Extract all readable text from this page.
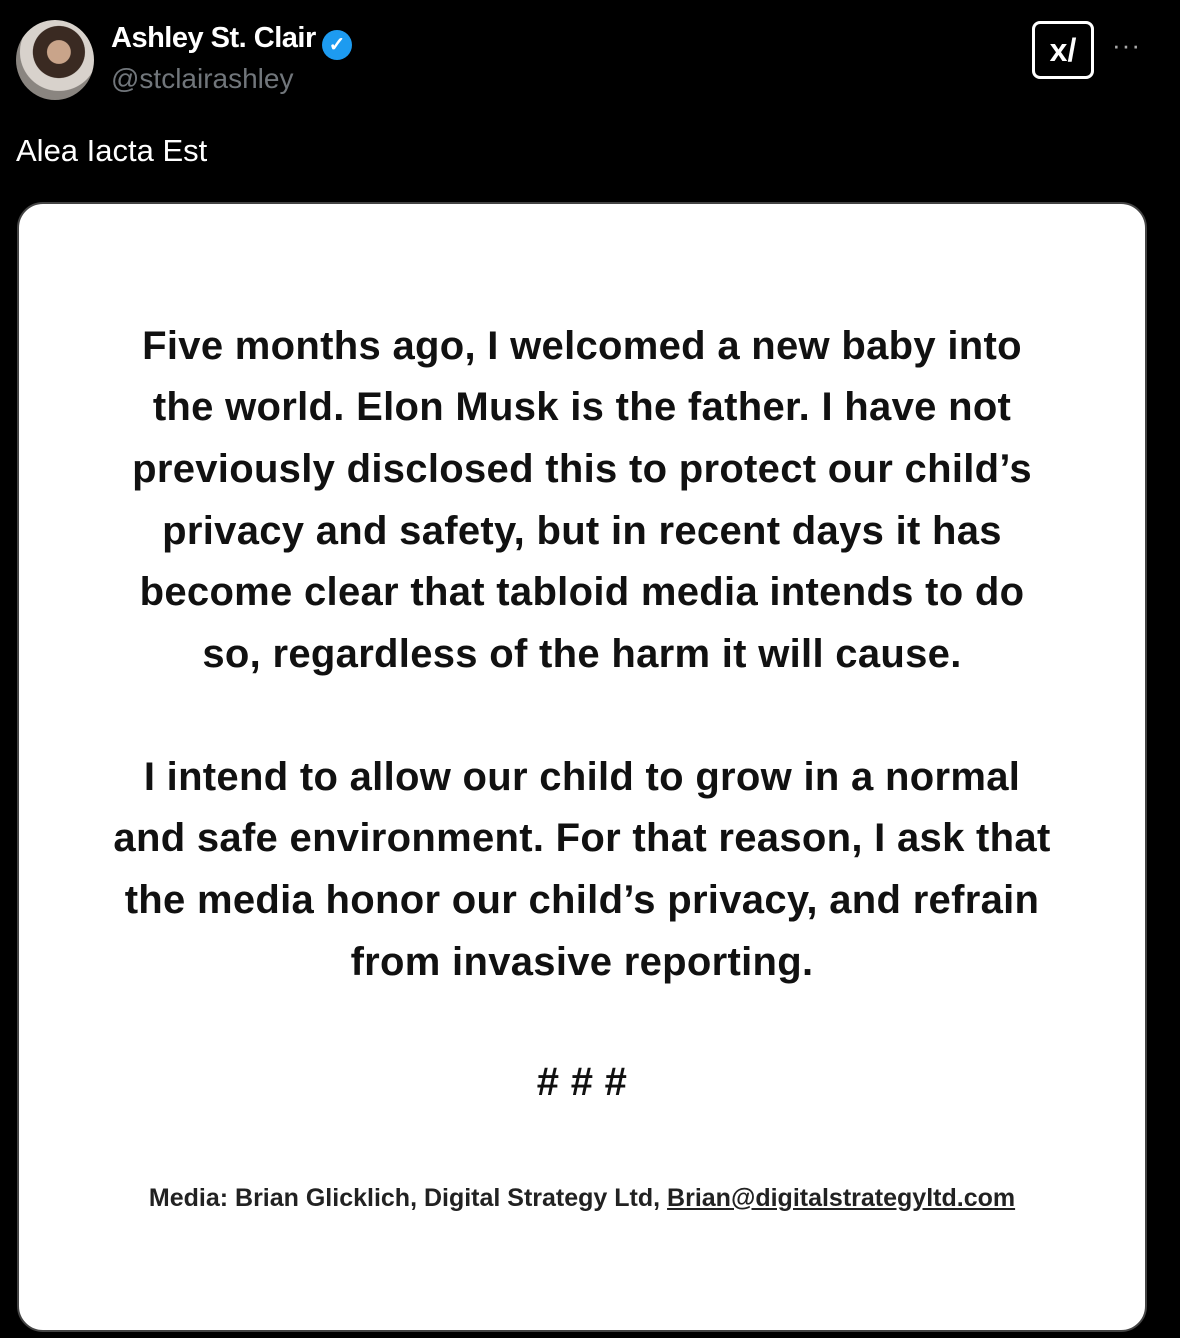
Ashley St. Clair ✓
@stclairashley
x/	···
Alea Iacta Est
Five months ago, I welcomed a new baby into
the world. Elon Musk is the father. I have not
previously disclosed this to protect our child’s
privacy and safety, but in recent days it has
become clear that tabloid media intends to do
so, regardless of the harm it will cause.
I intend to allow our child to grow in a normal
and safe environment. For that reason, I ask that
the media honor our child’s privacy, and refrain
from invasive reporting.
# # #
Media: Brian Glicklich, Digital Strategy Ltd, Brian@digitalstrategyltd.com
